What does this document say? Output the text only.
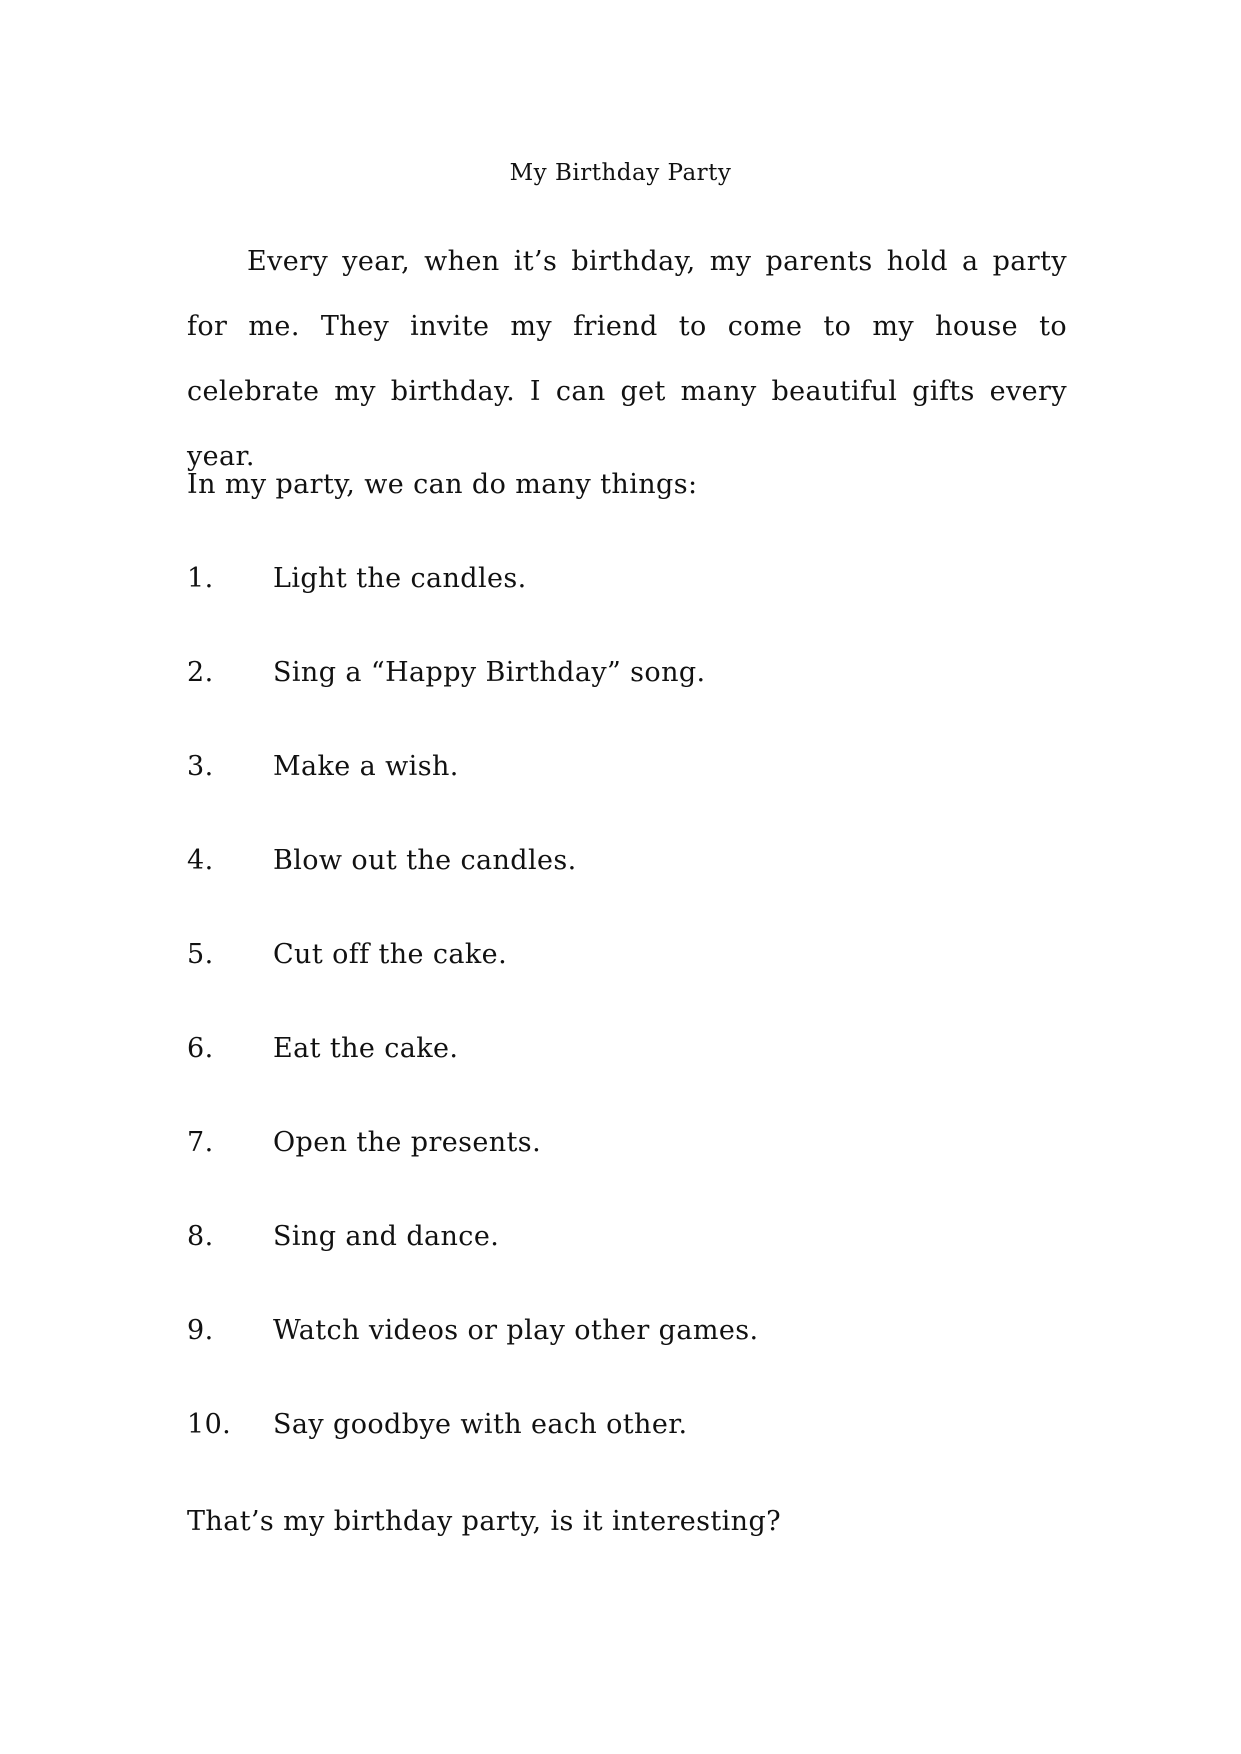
My Birthday Party

Every year, when it’s birthday, my parents hold a party for me. They invite my friend to come to my house to celebrate my birthday. I can get many beautiful gifts every year.

In my party, we can do many things:

1.	Light the candles.
2.	Sing a “Happy Birthday” song.
3.	Make a wish.
4.	Blow out the candles.
5.	Cut off the cake.
6.	Eat the cake.
7.	Open the presents.
8.	Sing and dance.
9.	Watch videos or play other games.
10.	Say goodbye with each other.

That’s my birthday party, is it interesting?
